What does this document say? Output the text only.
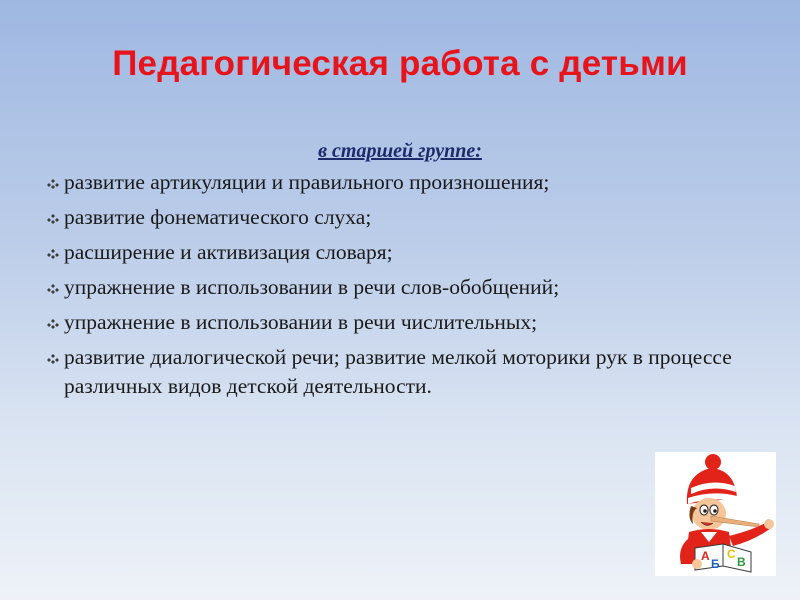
Педагогическая работа с детьми
в старшей группе:
развитие артикуляции и правильного произношения;
развитие фонематического слуха;
расширение и активизация словаря;
упражнение в использовании в речи слов-обобщений;
упражнение в использовании в речи числительных;
развитие диалогической речи; развитие мелкой моторики рук в процессе различных видов детской деятельности.
А
Б
С
В
